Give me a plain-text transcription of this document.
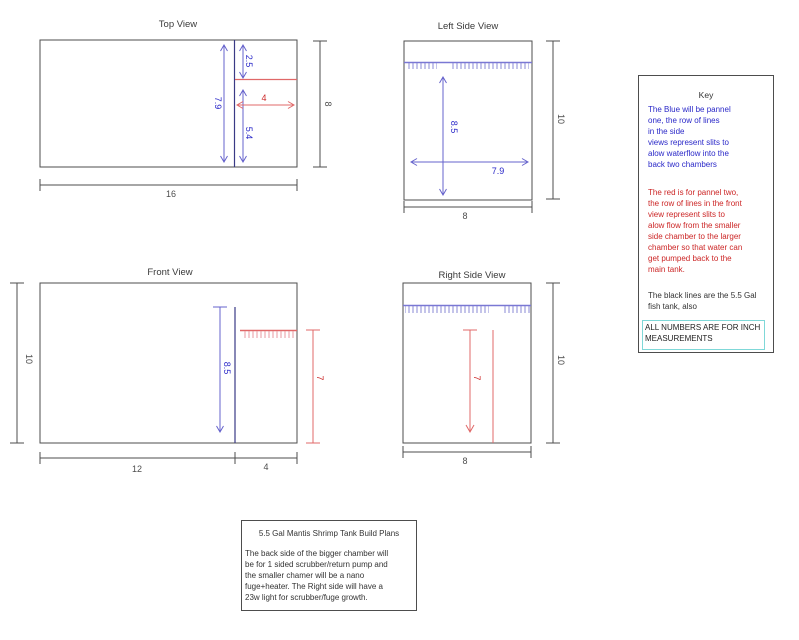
Top View
7.9
2.5
5.4
4
8
16
Left Side View
8.5
7.9
10
8
Front View
8.5
7
10
12	4
Right Side View
7
10
8
Key
The Blue will be pannel
one, the row of lines
in the side
views represent slits to
alow waterflow into the
back two chambers
The red is for pannel two,
the row of lines in the front
view represent slits to
alow flow from the smaller
side chamber to the larger
chamber so that water can
get pumped back to the
main tank.
The black lines are the 5.5 Gal
fish tank, also
ALL NUMBERS ARE FOR INCH
MEASUREMENTS
5.5 Gal Mantis Shrimp Tank Build Plans
The back side of the bigger chamber will
be for 1 sided scrubber/return pump and
the smaller chamer will be a nano
fuge+heater. The Right side will have a
23w light for scrubber/fuge growth.
